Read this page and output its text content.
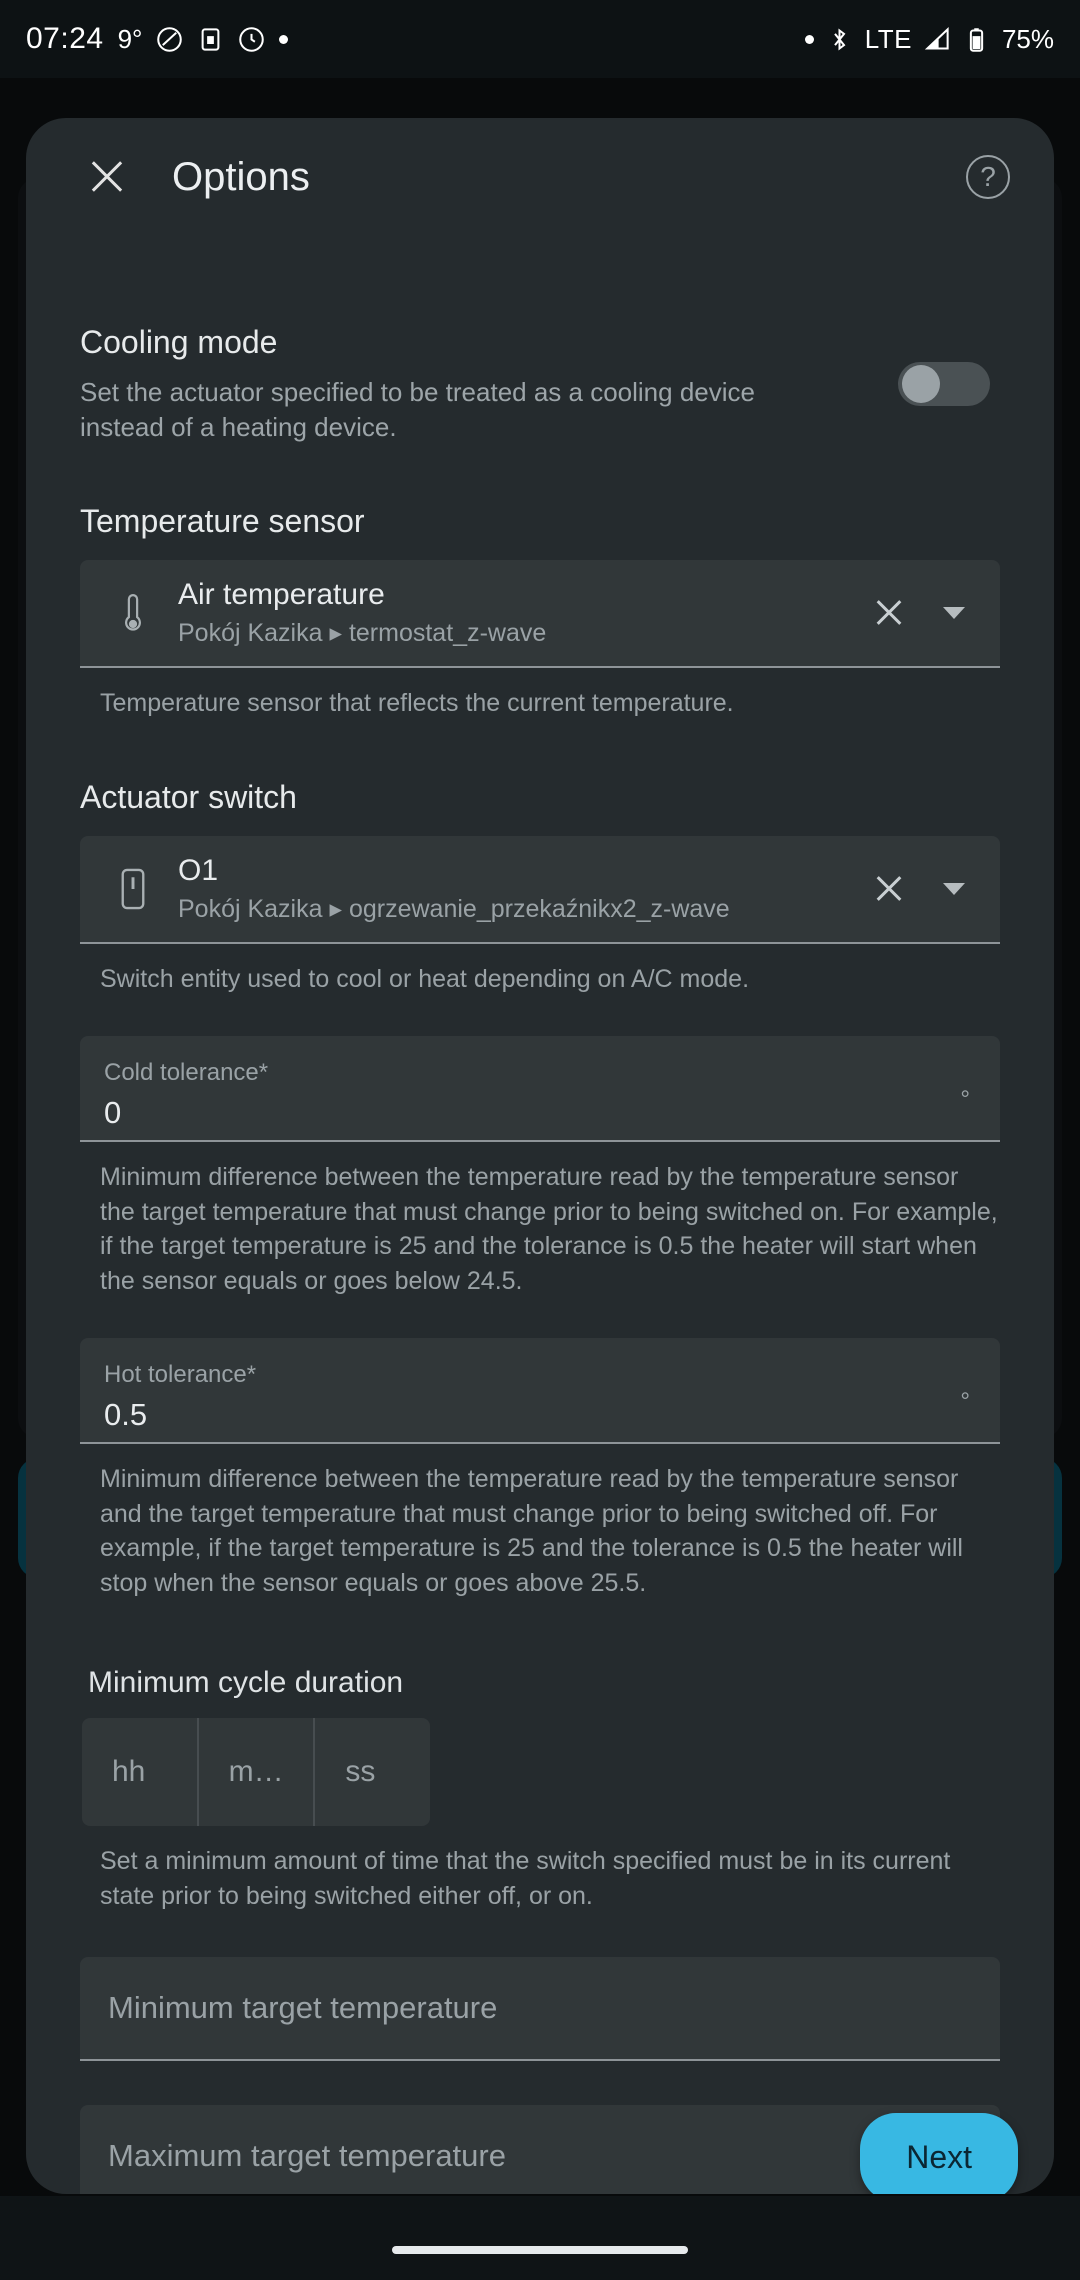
07:24 9°	LTE	75%
Options	?
Cooling mode
Set the actuator specified to be treated as a cooling device instead of a heating device.
Temperature sensor
Air temperature
Pokój Kazika ▸ termostat_z-wave
Temperature sensor that reflects the current temperature.
Actuator switch
O1
Pokój Kazika ▸ ogrzewanie_przekaźnikx2_z-wave
Switch entity used to cool or heat depending on A/C mode.
Cold tolerance*
0	°
Minimum difference between the temperature read by the temperature sensor the target temperature that must change prior to being switched on. For example, if the target temperature is 25 and the tolerance is 0.5 the heater will start when the sensor equals or goes below 24.5.
Hot tolerance*
0.5	°
Minimum difference between the temperature read by the temperature sensor and the target temperature that must change prior to being switched off. For example, if the target temperature is 25 and the tolerance is 0.5 the heater will stop when the sensor equals or goes above 25.5.
Minimum cycle duration
hh	m…	ss
Set a minimum amount of time that the switch specified must be in its current state prior to being switched either off, or on.
Minimum target temperature
Maximum target temperature	Next
